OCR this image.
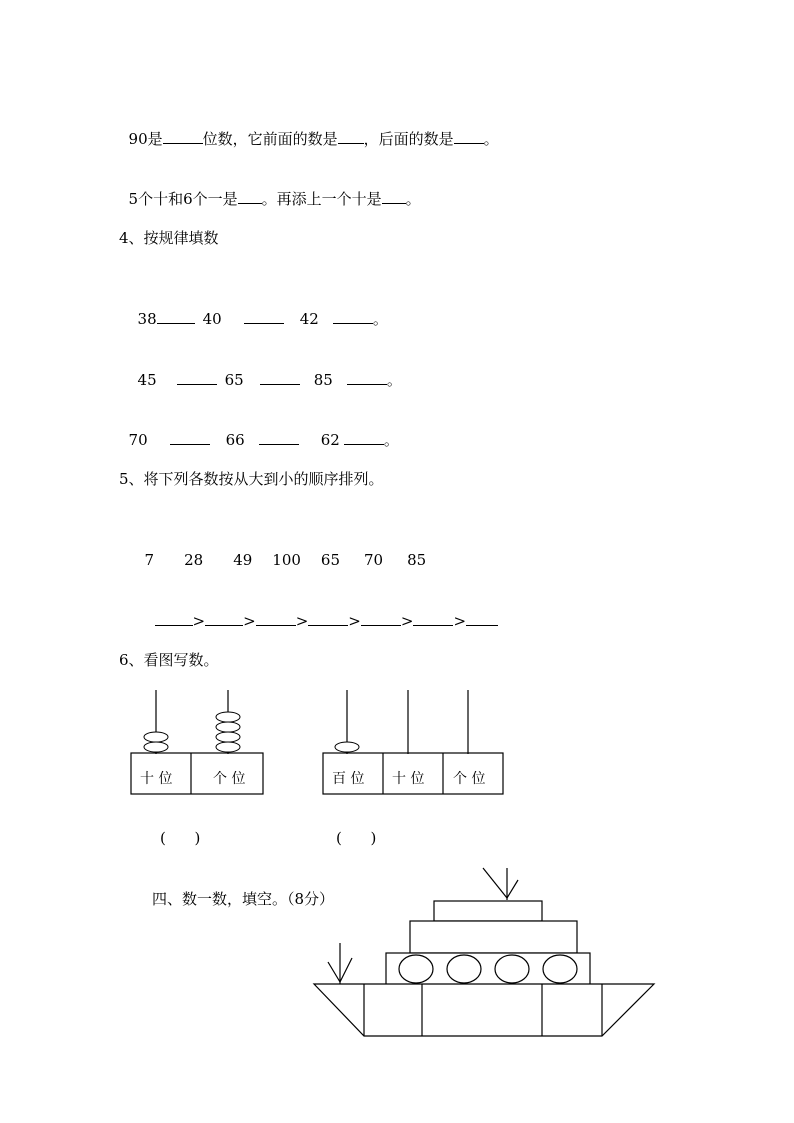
90是	位数，它前面的数是 ，后面的数是 。

5个十和6个一是 。再添上一个十是 。

4、按规律填数

38	40	42	。

45	65	85	。

70	66	62	。

5、将下列各数按从大到小的顺序排列。

7 28 49 100 65 70 85

>	>	>	>	>	>

6、看图写数。
十 位	个 位	百 位 十 位 个 位
(      )	(      )
四、数一数，填空。（8分）
